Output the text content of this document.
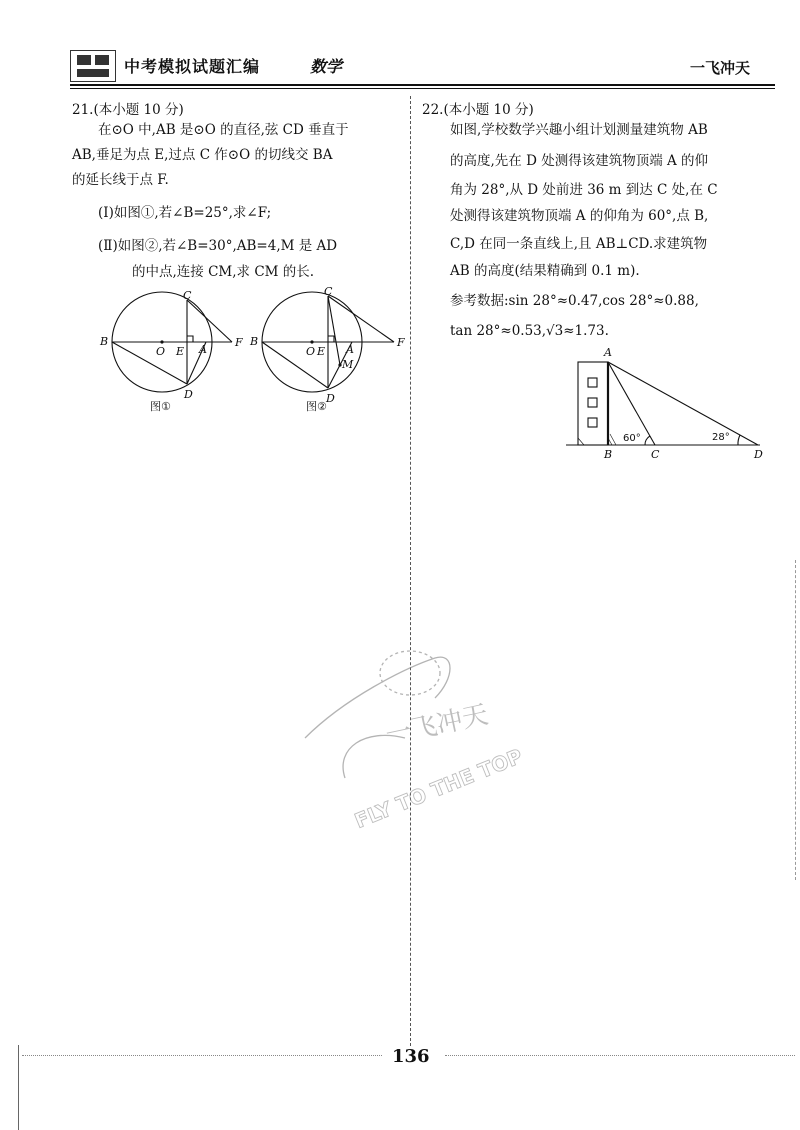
中考模拟试题汇编	数学	一飞冲天
21.(本小题 10 分)
在⊙O 中,AB 是⊙O 的直径,弦 CD 垂直于
AB,垂足为点 E,过点 C 作⊙O 的切线交 BA
的延长线于点 F.
(Ⅰ)如图①,若∠B=25°,求∠F;
(Ⅱ)如图②,若∠B=30°,AB=4,M 是 AD
的中点,连接 CM,求 CM 的长.
B
O E A
F
C
D
图①
B
O E A
F
C
D
M
图②
22.(本小题 10 分)
如图,学校数学兴趣小组计划测量建筑物 AB
的高度,先在 D 处测得该建筑物顶端 A 的仰
角为 28°,从 D 处前进 36 m 到达 C 处,在 C
处测得该建筑物顶端 A 的仰角为 60°,点 B,
C,D 在同一条直线上,且 AB⊥CD.求建筑物
AB 的高度(结果精确到 0.1 m).
参考数据:sin 28°≈0.47,cos 28°≈0.88,
tan 28°≈0.53,√3≈1.73.
A
B	C	D
60°	28°
一飞冲天
FLY TO THE TOP
136
